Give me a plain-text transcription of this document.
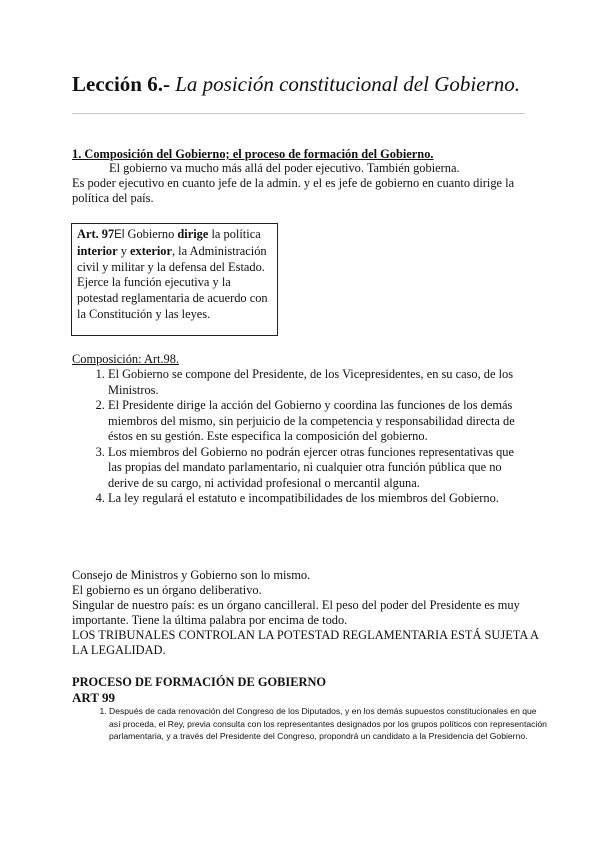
Lección 6.- La posición constitucional del Gobierno.
1. Composición del Gobierno; el proceso de formación del Gobierno.
El gobierno va mucho más allá del poder ejecutivo. También gobierna.
Es poder ejecutivo en cuanto jefe de la admin. y el es jefe de gobierno en cuanto dirige la política del país.
Art. 97El Gobierno dirige la política interior y exterior, la Administración civil y militar y la defensa del Estado. Ejerce la función ejecutiva y la potestad reglamentaria de acuerdo con la Constitución y las leyes.
Composición: Art.98.
1. El Gobierno se compone del Presidente, de los Vicepresidentes, en su caso, de los Ministros.
2. El Presidente dirige la acción del Gobierno y coordina las funciones de los demás miembros del mismo, sin perjuicio de la competencia y responsabilidad directa de éstos en su gestión. Este especifica la composición del gobierno.
3. Los miembros del Gobierno no podrán ejercer otras funciones representativas que las propias del mandato parlamentario, ni cualquier otra función pública que no derive de su cargo, ni actividad profesional o mercantil alguna.
4. La ley regulará el estatuto e incompatibilidades de los miembros del Gobierno.
Consejo de Ministros y Gobierno son lo mismo.
El gobierno es un órgano deliberativo.
Singular de nuestro país: es un órgano cancilleral. El peso del poder del Presidente es muy importante. Tiene la última palabra por encima de todo.
LOS TRIBUNALES CONTROLAN LA POTESTAD REGLAMENTARIA ESTÁ SUJETA A LA LEGALIDAD.
PROCESO DE FORMACIÓN DE GOBIERNO
ART 99
1. Después de cada renovación del Congreso de los Diputados, y en los demás supuestos constitucionales en que así proceda, el Rey, previa consulta con los representantes designados por los grupos políticos con representación parlamentaria, y a través del Presidente del Congreso, propondrá un candidato a la Presidencia del Gobierno.
